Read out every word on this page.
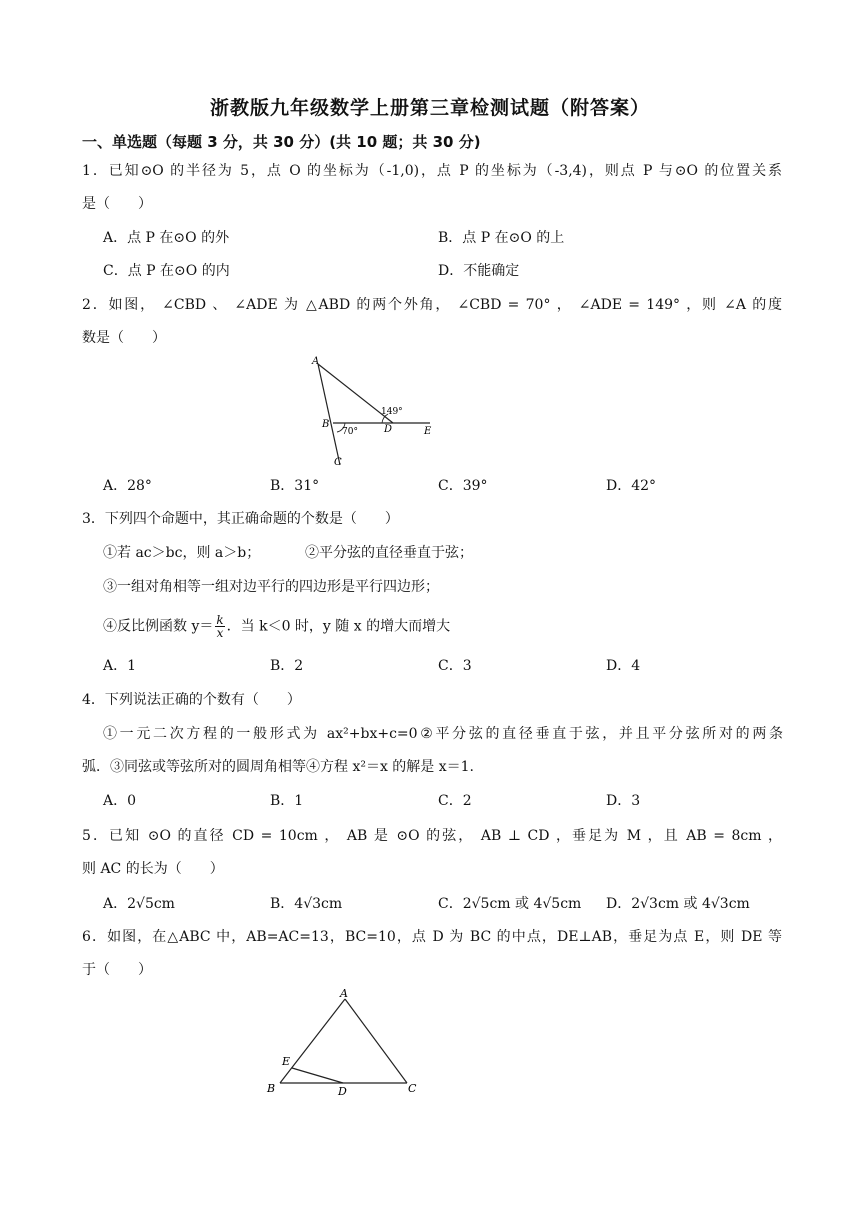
浙教版九年级数学上册第三章检测试题（附答案）
一、单选题（每题 3 分，共 30 分）(共 10 题；共 30 分)
1．已知⊙O 的半径为 5，点 O 的坐标为（-1,0)，点 P 的坐标为（-3,4)，则点 P 与⊙O 的位置关系
是（　　）
A．点 P 在⊙O 的外	B．点 P 在⊙O 的上
C．点 P 在⊙O 的内	D．不能确定
2．如图， ∠CBD 、 ∠ADE 为 △ABD 的两个外角， ∠CBD = 70° ， ∠ADE = 149° ，则 ∠A 的度
数是（　　）
A
B
C
D	E
149°
70°
A．28°	B．31°	C．39°	D．42°
3．下列四个命题中，其正确命题的个数是（　　）
①若 ac＞bc，则 a＞b；	②平分弦的直径垂直于弦；
③一组对角相等一组对边平行的四边形是平行四边形；
④反比例函数 $y= \frac{k}{x}$ ．当 k＜0 时，y 随 x 的增大而增大
A．1	B．2	C．3	D．4
4．下列说法正确的个数有（　　）
①一元二次方程的一般形式为 ax²+bx+c=0②平分弦的直径垂直于弦，并且平分弦所对的两条
弧．③同弦或等弦所对的圆周角相等④方程 x²＝x 的解是 x＝1.
A．0	B．1	C．2	D．3
5．已知 ⊙O 的直径 CD = 10cm ， AB 是 ⊙O 的弦， AB ⊥ CD ，垂足为 M ，且 AB = 8cm ，
则 AC 的长为（　　）
A．2√5cm	B．4√3cm	C．2√5cm 或 4√5cm D．2√3cm 或 4√3cm
6．如图，在△ABC 中，AB=AC=13，BC=10，点 D 为 BC 的中点，DE⊥AB，垂足为点 E，则 DE 等
于（　　）
A
B	C
D
E
